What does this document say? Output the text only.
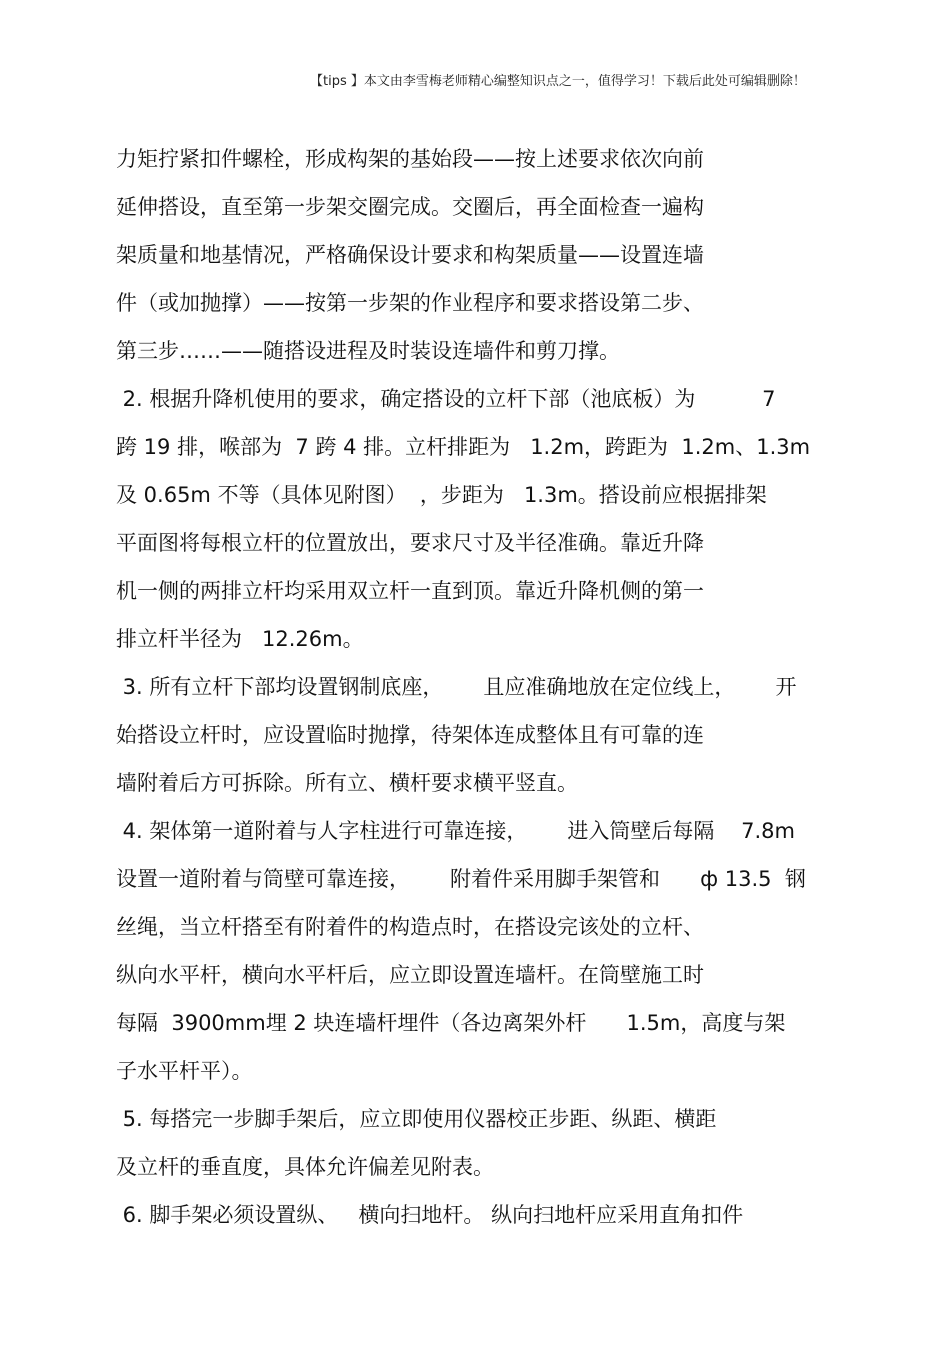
【tips 】本文由李雪梅老师精心编整知识点之一，值得学习！下载后此处可编辑删除！
力矩拧紧扣件螺栓，形成构架的基始段——按上述要求依次向前
延伸搭设，直至第一步架交圈完成。交圈后，再全面检查一遍构
架质量和地基情况，严格确保设计要求和构架质量——设置连墙
件（或加抛撑）——按第一步架的作业程序和要求搭设第二步、
第三步……——随搭设进程及时装设连墙件和剪刀撑。
2. 根据升降机使用的要求，确定搭设的立杆下部（池底板）为          7
跨 19 排，喉部为  7 跨 4 排。立杆排距为   1.2m，跨距为  1.2m、1.3m
及 0.65m 不等（具体见附图）  ，步距为   1.3m。搭设前应根据排架
平面图将每根立杆的位置放出，要求尺寸及半径准确。靠近升降
机一侧的两排立杆均采用双立杆一直到顶。靠近升降机侧的第一
排立杆半径为   12.26m。
3. 所有立杆下部均设置钢制底座，      且应准确地放在定位线上，      开
始搭设立杆时，应设置临时抛撑，待架体连成整体且有可靠的连
墙附着后方可拆除。所有立、横杆要求横平竖直。
4. 架体第一道附着与人字柱进行可靠连接，      进入筒壁后每隔    7.8m
设置一道附着与筒壁可靠连接，      附着件采用脚手架管和      ф 13.5  钢
丝绳，当立杆搭至有附着件的构造点时，在搭设完该处的立杆、
纵向水平杆，横向水平杆后，应立即设置连墙杆。在筒壁施工时
每隔  3900mm埋 2 块连墙杆埋件（各边离架外杆      1.5m，高度与架
子水平杆平）。
5. 每搭完一步脚手架后，应立即使用仪器校正步距、纵距、横距
及立杆的垂直度，具体允许偏差见附表。
6. 脚手架必须设置纵、   横向扫地杆。 纵向扫地杆应采用直角扣件
